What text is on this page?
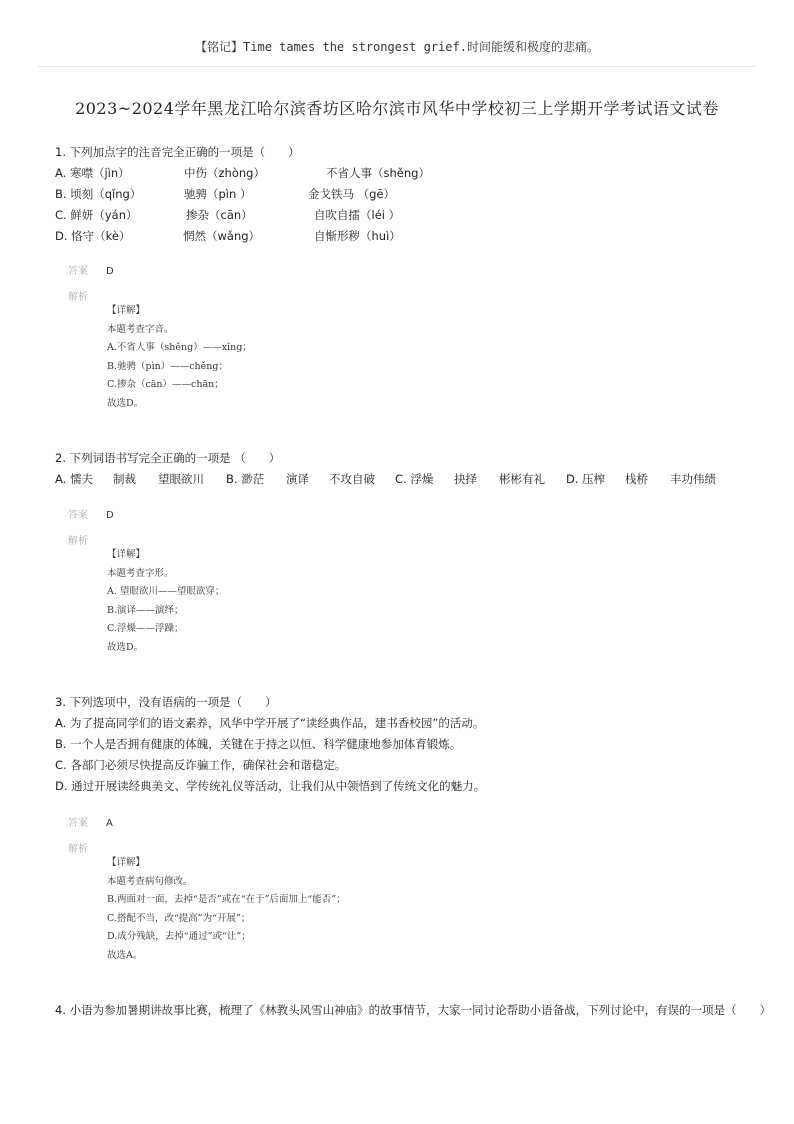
【铭记】Time tames the strongest grief.时间能缓和极度的悲痛。
2023~2024学年黑龙江哈尔滨香坊区哈尔滨市风华中学校初三上学期开学考试语文试卷
1. 下列加点字的注音完全正确的一项是（　　）
A. 寒噤（jìn）	中伤（zhòng）	不省人事（shěng）
B. 顷刻（qǐng）	驰骋（pìn ）	金戈铁马 （gē）
C. 鲜妍（yán）	掺杂（cān）	自吹自擂（léi ）
D. 恪守（kè）	惘然（wǎng）	自惭形秽（huì）
答案 D
解析
【详解】
本题考查字音。
A.不省人事（shěng）——xǐng；
B.驰骋（pìn）——chěng；
C.掺杂（cān）——chān；
故选D。
2. 下列词语书写完全正确的一项是 （　　）
A. 懦夫	制裁	望眼欲川	B. 渺茫	演译	不攻自破	C. 浮燥	抉择	彬彬有礼	D. 压榨	栈桥	丰功伟绩
答案 D
解析
【详解】
本题考查字形。
A. 望眼欲川——望眼欲穿；
B.演译——演绎；
C.浮燥——浮躁；
故选D。
3. 下列选项中，没有语病的一项是（　　）
A. 为了提高同学们的语文素养，风华中学开展了“读经典作品，建书香校园”的活动。
B. 一个人是否拥有健康的体魄，关键在于持之以恒、科学健康地参加体育锻炼。
C. 各部门必须尽快提高反诈骗工作，确保社会和谐稳定。
D. 通过开展读经典美文、学传统礼仪等活动，让我们从中领悟到了传统文化的魅力。
答案 A
解析
【详解】
本题考查病句修改。
B.两面对一面，去掉“是否”或在“在于”后面加上“能否”；
C.搭配不当，改“提高”为“开展”；
D.成分残缺，去掉“通过”或“让”；
故选A。
4. 小语为参加暑期讲故事比赛，梳理了《林教头风雪山神庙》的故事情节，大家一同讨论帮助小语备战，下列讨论中，有误的一项是（　　）
